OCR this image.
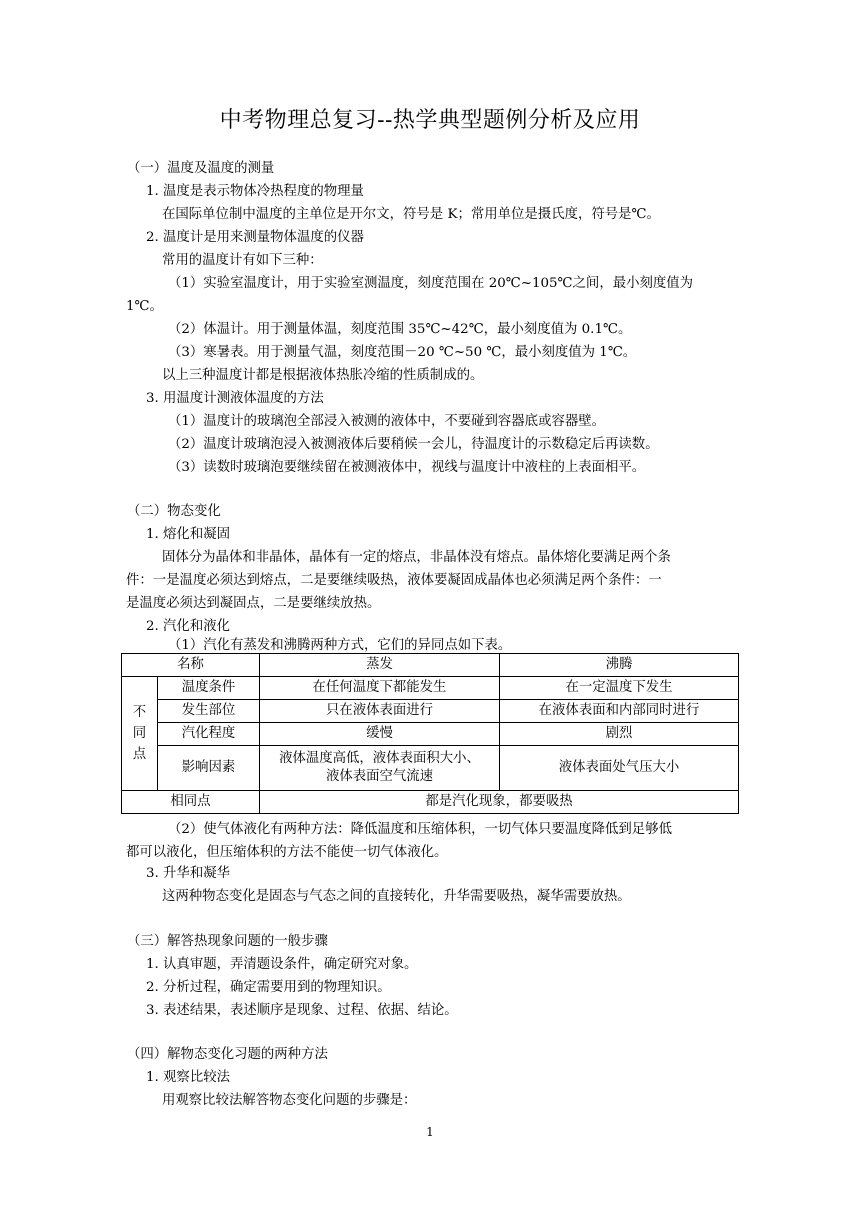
中考物理总复习--热学典型题例分析及应用
（一）温度及温度的测量
1. 温度是表示物体冷热程度的物理量
在国际单位制中温度的主单位是开尔文，符号是 K；常用单位是摄氏度，符号是℃。
2. 温度计是用来测量物体温度的仪器
常用的温度计有如下三种：
（1）实验室温度计，用于实验室测温度，刻度范围在 20℃~105℃之间，最小刻度值为
1℃。
（2）体温计。用于测量体温，刻度范围 35℃~42℃，最小刻度值为 0.1℃。
（3）寒暑表。用于测量气温，刻度范围－20 ℃~50 ℃，最小刻度值为 1℃。
以上三种温度计都是根据液体热胀冷缩的性质制成的。
3. 用温度计测液体温度的方法
（1）温度计的玻璃泡全部浸入被测的液体中，不要碰到容器底或容器壁。
（2）温度计玻璃泡浸入被测液体后要稍候一会儿，待温度计的示数稳定后再读数。
（3）读数时玻璃泡要继续留在被测液体中，视线与温度计中液柱的上表面相平。
（二）物态变化
1. 熔化和凝固
固体分为晶体和非晶体，晶体有一定的熔点，非晶体没有熔点。晶体熔化要满足两个条
件：一是温度必须达到熔点，二是要继续吸热，液体要凝固成晶体也必须满足两个条件：一
是温度必须达到凝固点，二是要继续放热。
2. 汽化和液化
（1）汽化有蒸发和沸腾两种方式，它们的异同点如下表。
名称		蒸发	沸腾

不
同
点	温度条件	在任何温度下都能发生	在一定温度下发生
	发生部位	只在液体表面进行	在液体表面和内部同时进行
	汽化程度	缓慢	剧烈
	影响因素	液体温度高低，液体表面积大小、
液体表面空气流速	液体表面处气压大小
相同点		都是汽化现象，都要吸热	
（2）使气体液化有两种方法：降低温度和压缩体积，一切气体只要温度降低到足够低
都可以液化，但压缩体积的方法不能使一切气体液化。
3. 升华和凝华
这两种物态变化是固态与气态之间的直接转化，升华需要吸热，凝华需要放热。
（三）解答热现象问题的一般步骤
1. 认真审题，弄清题设条件，确定研究对象。
2. 分析过程，确定需要用到的物理知识。
3. 表述结果，表述顺序是现象、过程、依据、结论。
（四）解物态变化习题的两种方法
1. 观察比较法
用观察比较法解答物态变化问题的步骤是：
1
